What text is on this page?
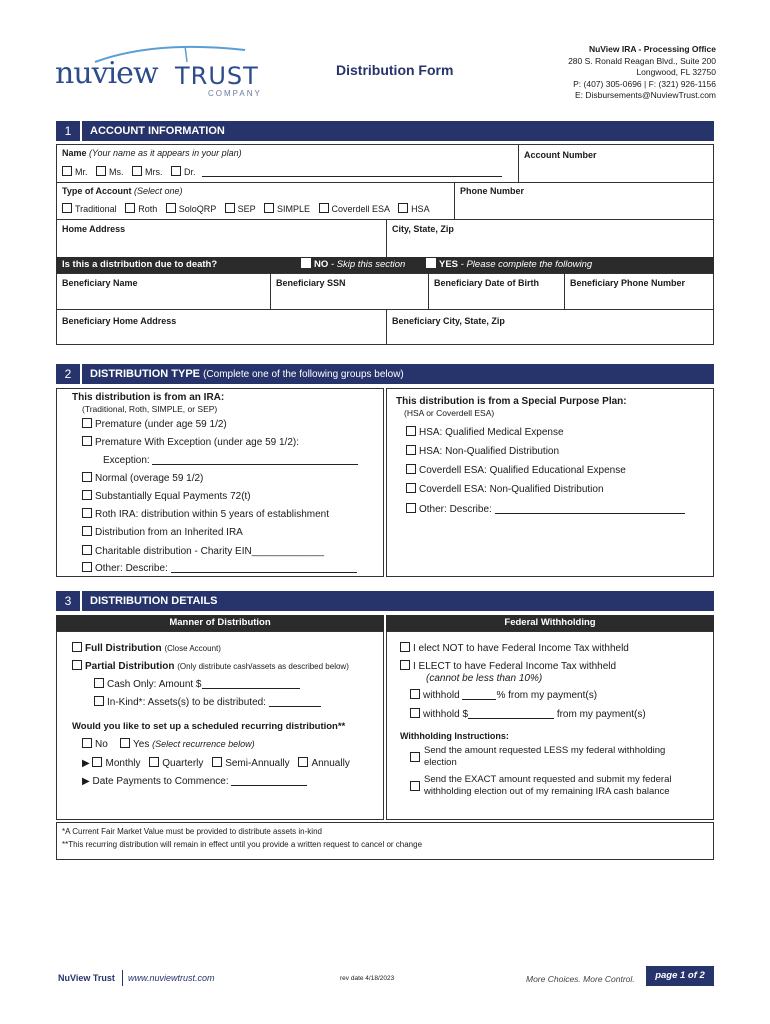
nuview TRUST
COMPANY
Distribution Form
NuView IRA - Processing Office
280 S. Ronald Reagan Blvd., Suite 200
Longwood, FL 32750
P: (407) 305-0696 | F: (321) 926-1156
E: Disbursements@NuviewTrust.com
1	ACCOUNT INFORMATION
Name (Your name as it appears in your plan)	Account Number
Mr. Ms. Mrs. Dr.
Type of Account (Select one)	Phone Number
Traditional Roth SoloQRP SEP SIMPLE Coverdell ESA HSA
Home Address	City, State, Zip
Is this a distribution due to death?	NO - Skip this section	YES - Please complete the following
Beneficiary Name	Beneficiary SSN	Beneficiary Date of Birth	Beneficiary Phone Number
Beneficiary Home Address	Beneficiary City, State, Zip
2	DISTRIBUTION TYPE (Complete one of the following groups below)
This distribution is from an IRA:
(Traditional, Roth, SIMPLE, or SEP)
Premature (under age 59 1/2)
Premature With Exception (under age 59 1/2):
Exception:
Normal (overage 59 1/2)
Substantially Equal Payments 72(t)
Roth IRA: distribution within 5 years of establishment
Distribution from an Inherited IRA
Charitable distribution - Charity EIN_____________
Other: Describe:
This distribution is from a Special Purpose Plan:
(HSA or Coverdell ESA)
HSA: Qualified Medical Expense
HSA: Non-Qualified Distribution
Coverdell ESA: Qualified Educational Expense
Coverdell ESA: Non-Qualified Distribution
Other: Describe:
3	DISTRIBUTION DETAILS
Manner of Distribution	Federal Withholding
Full Distribution (Close Account)
Partial Distribution (Only distribute cash/assets as described below)
Cash Only: Amount $
In-Kind*: Assets(s) to be distributed:
Would you like to set up a scheduled recurring distribution**
No	Yes (Select recurrence below)
▶ Monthly Quarterly Semi-Annually Annually
▶ Date Payments to Commence:
I elect NOT to have Federal Income Tax withheld
I ELECT to have Federal Income Tax withheld
(cannot be less than 10%)
withhold	% from my payment(s)
withhold $	from my payment(s)
Withholding Instructions:
Send the amount requested LESS my federal withholding
election
Send the EXACT amount requested and submit my federal
withholding election out of my remaining IRA cash balance
*A Current Fair Market Value must be provided to distribute assets in-kind
**This recurring distribution will remain in effect until you provide a written request to cancel or change
NuView Trust www.nuviewtrust.com	rev date 4/18/2023	More Choices. More Control.	page 1 of 2
